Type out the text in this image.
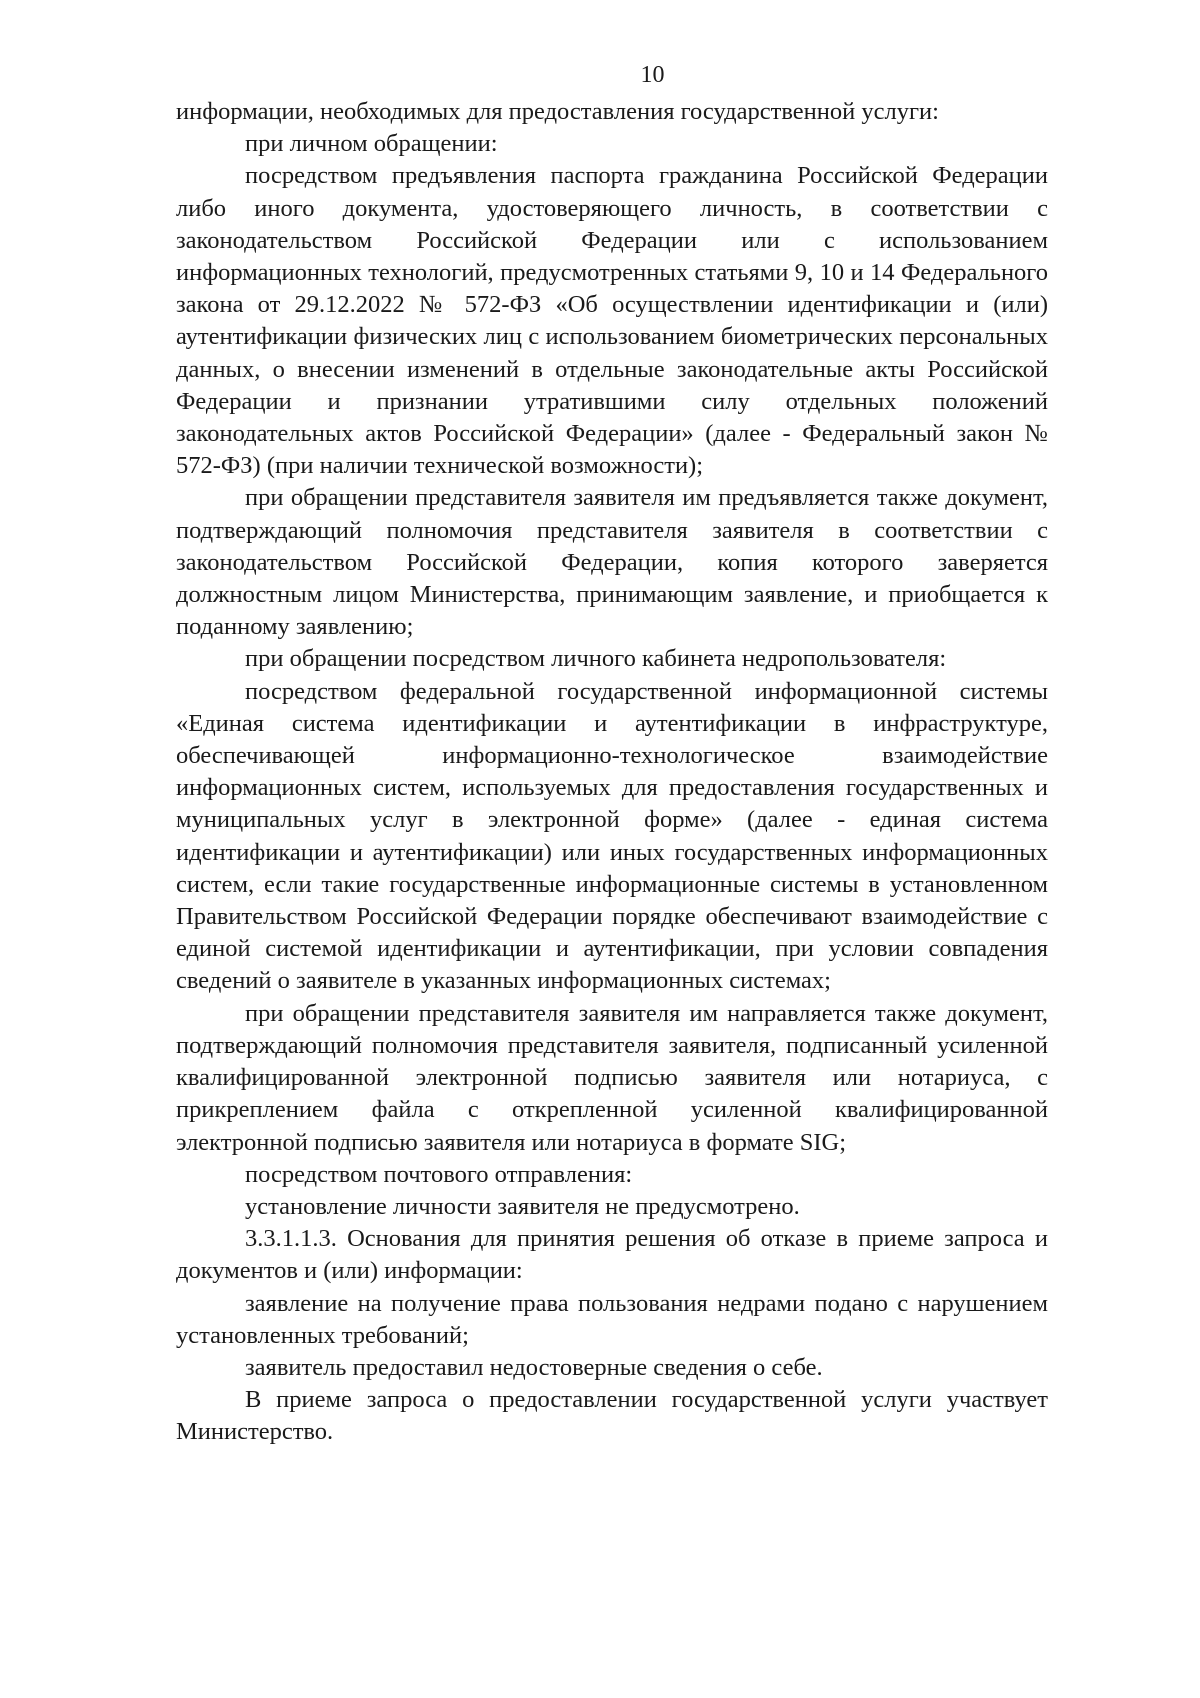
10

информации, необходимых для предоставления государственной услуги:

при личном обращении:

посредством предъявления паспорта гражданина Российской Федерации либо иного документа, удостоверяющего личность, в соответствии с законодательством Российской Федерации или с использованием информационных технологий, предусмотренных статьями 9, 10 и 14 Федерального закона от 29.12.2022 № 572-ФЗ «Об осуществлении идентификации и (или) аутентификации физических лиц с использованием биометрических персональных данных, о внесении изменений в отдельные законодательные акты Российской Федерации и признании утратившими силу отдельных положений законодательных актов Российской Федерации» (далее - Федеральный закон № 572-ФЗ) (при наличии технической возможности);

при обращении представителя заявителя им предъявляется также документ, подтверждающий полномочия представителя заявителя в соответствии с законодательством Российской Федерации, копия которого заверяется должностным лицом Министерства, принимающим заявление, и приобщается к поданному заявлению;

при обращении посредством личного кабинета недропользователя:

посредством федеральной государственной информационной системы «Единая система идентификации и аутентификации в инфраструктуре, обеспечивающей информационно-технологическое взаимодействие информационных систем, используемых для предоставления государственных и муниципальных услуг в электронной форме» (далее - единая система идентификации и аутентификации) или иных государственных информационных систем, если такие государственные информационные системы в установленном Правительством Российской Федерации порядке обеспечивают взаимодействие с единой системой идентификации и аутентификации, при условии совпадения сведений о заявителе в указанных информационных системах;

при обращении представителя заявителя им направляется также документ, подтверждающий полномочия представителя заявителя, подписанный усиленной квалифицированной электронной подписью заявителя или нотариуса, с прикреплением файла с открепленной усиленной квалифицированной электронной подписью заявителя или нотариуса в формате SIG;

посредством почтового отправления:

установление личности заявителя не предусмотрено.

3.3.1.1.3. Основания для принятия решения об отказе в приеме запроса и документов и (или) информации:

заявление на получение права пользования недрами подано с нарушением установленных требований;

заявитель предоставил недостоверные сведения о себе.

В приеме запроса о предоставлении государственной услуги участвует Министерство.
